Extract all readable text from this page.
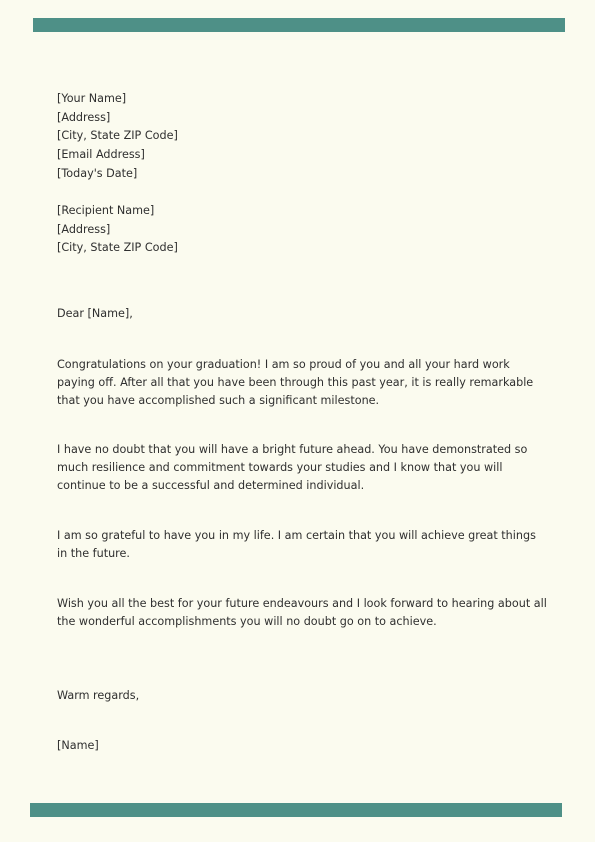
[Your Name]
[Address]
[City, State ZIP Code]
[Email Address]
[Today's Date]
[Recipient Name]
[Address]
[City, State ZIP Code]
Dear [Name],
Congratulations on your graduation! I am so proud of you and all your hard work paying off. After all that you have been through this past year, it is really remarkable that you have accomplished such a significant milestone.
I have no doubt that you will have a bright future ahead. You have demonstrated so much resilience and commitment towards your studies and I know that you will continue to be a successful and determined individual.
I am so grateful to have you in my life. I am certain that you will achieve great things in the future.
Wish you all the best for your future endeavours and I look forward to hearing about all the wonderful accomplishments you will no doubt go on to achieve.
Warm regards,
[Name]
